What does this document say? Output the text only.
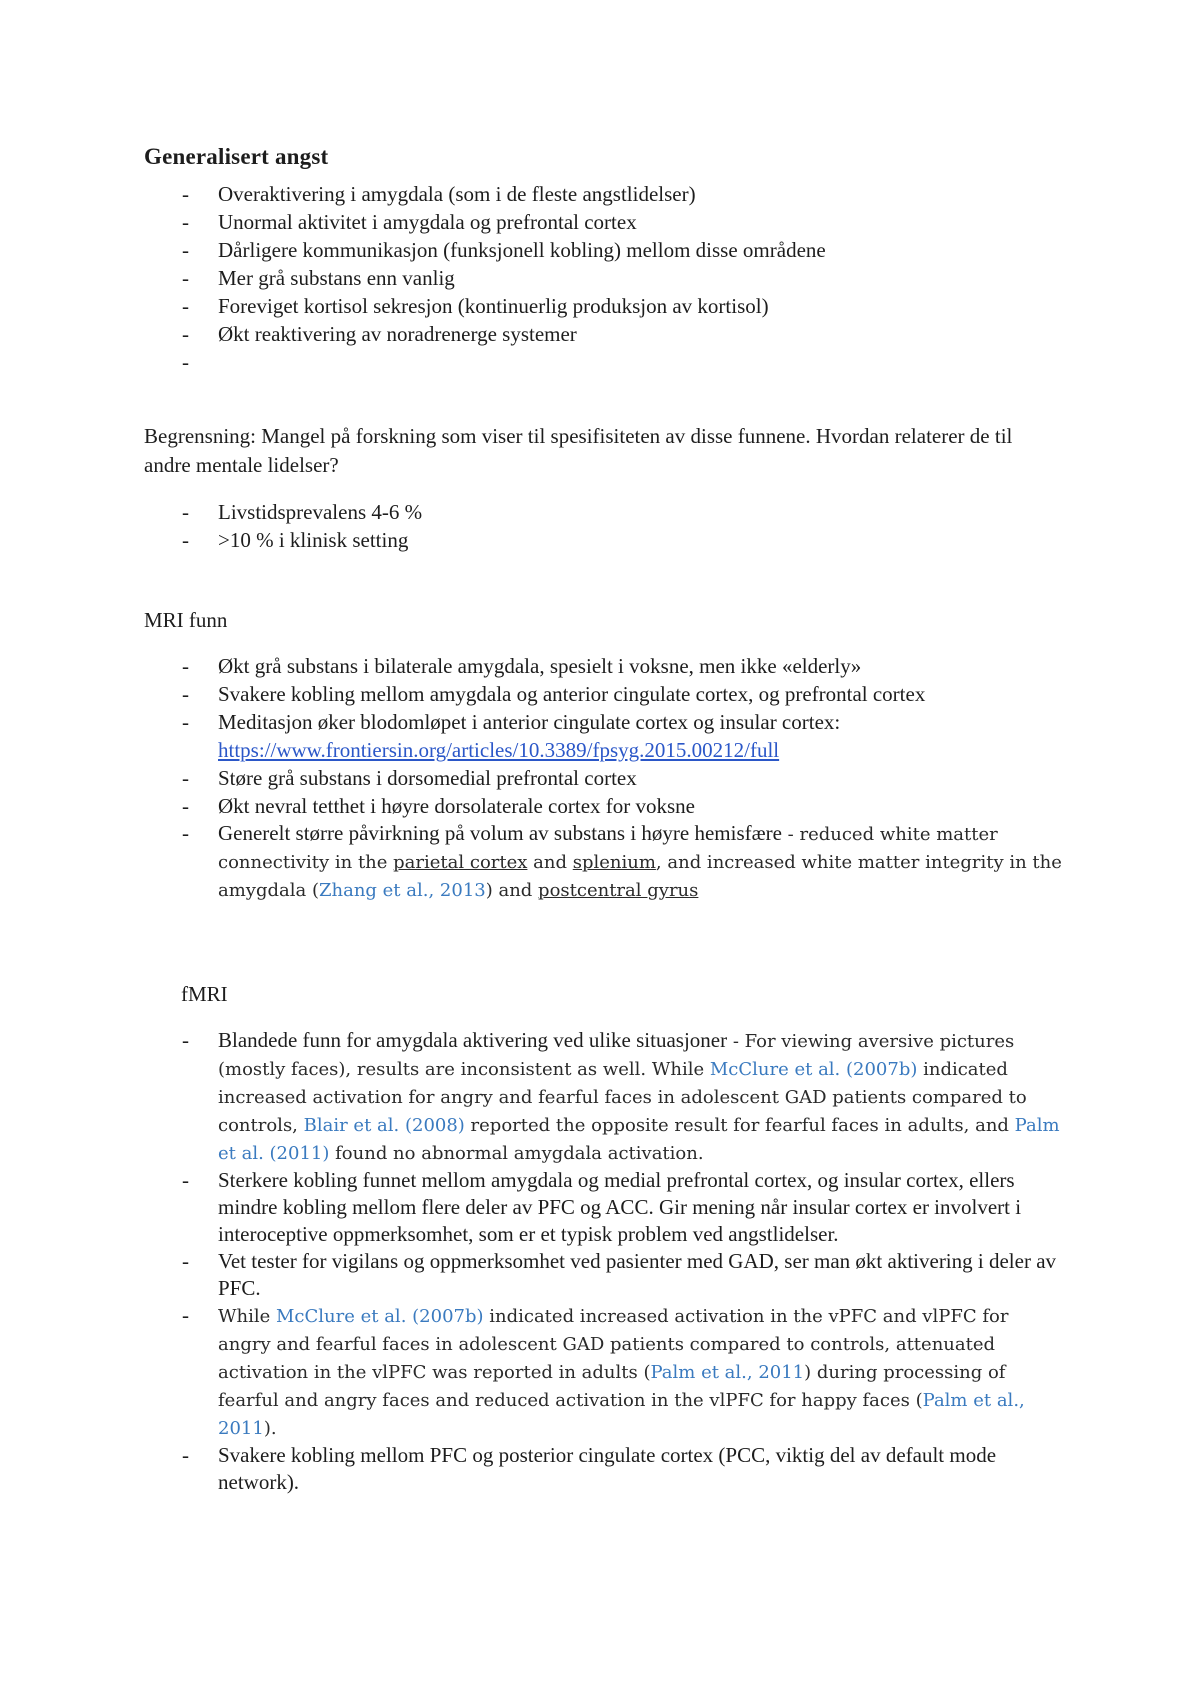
Generalisert angst
- Overaktivering i amygdala (som i de fleste angstlidelser)
- Unormal aktivitet i amygdala og prefrontal cortex
- Dårligere kommunikasjon (funksjonell kobling) mellom disse områdene
- Mer grå substans enn vanlig
- Foreviget kortisol sekresjon (kontinuerlig produksjon av kortisol)
- Økt reaktivering av noradrenerge systemer
-
Begrensning: Mangel på forskning som viser til spesifisiteten av disse funnene. Hvordan relaterer de til andre mentale lidelser?
- Livstidsprevalens 4-6 %
- >10 % i klinisk setting
MRI funn
- Økt grå substans i bilaterale amygdala, spesielt i voksne, men ikke «elderly»
- Svakere kobling mellom amygdala og anterior cingulate cortex, og prefrontal cortex
- Meditasjon øker blodomløpet i anterior cingulate cortex og insular cortex:
https://www.frontiersin.org/articles/10.3389/fpsyg.2015.00212/full
- Støre grå substans i dorsomedial prefrontal cortex
- Økt nevral tetthet i høyre dorsolaterale cortex for voksne
- Generelt større påvirkning på volum av substans i høyre hemisfære - reduced white matter connectivity in the parietal cortex and splenium, and increased white matter integrity in the amygdala (Zhang et al., 2013) and postcentral gyrus
fMRI
- Blandede funn for amygdala aktivering ved ulike situasjoner - For viewing aversive pictures (mostly faces), results are inconsistent as well. While McClure et al. (2007b) indicated increased activation for angry and fearful faces in adolescent GAD patients compared to controls, Blair et al. (2008) reported the opposite result for fearful faces in adults, and Palm et al. (2011) found no abnormal amygdala activation.
- Sterkere kobling funnet mellom amygdala og medial prefrontal cortex, og insular cortex, ellers mindre kobling mellom flere deler av PFC og ACC. Gir mening når insular cortex er involvert i interoceptive oppmerksomhet, som er et typisk problem ved angstlidelser.
- Vet tester for vigilans og oppmerksomhet ved pasienter med GAD, ser man økt aktivering i deler av PFC.
- While McClure et al. (2007b) indicated increased activation in the vPFC and vlPFC for angry and fearful faces in adolescent GAD patients compared to controls, attenuated activation in the vlPFC was reported in adults (Palm et al., 2011) during processing of fearful and angry faces and reduced activation in the vlPFC for happy faces (Palm et al., 2011).
- Svakere kobling mellom PFC og posterior cingulate cortex (PCC, viktig del av default mode network).
